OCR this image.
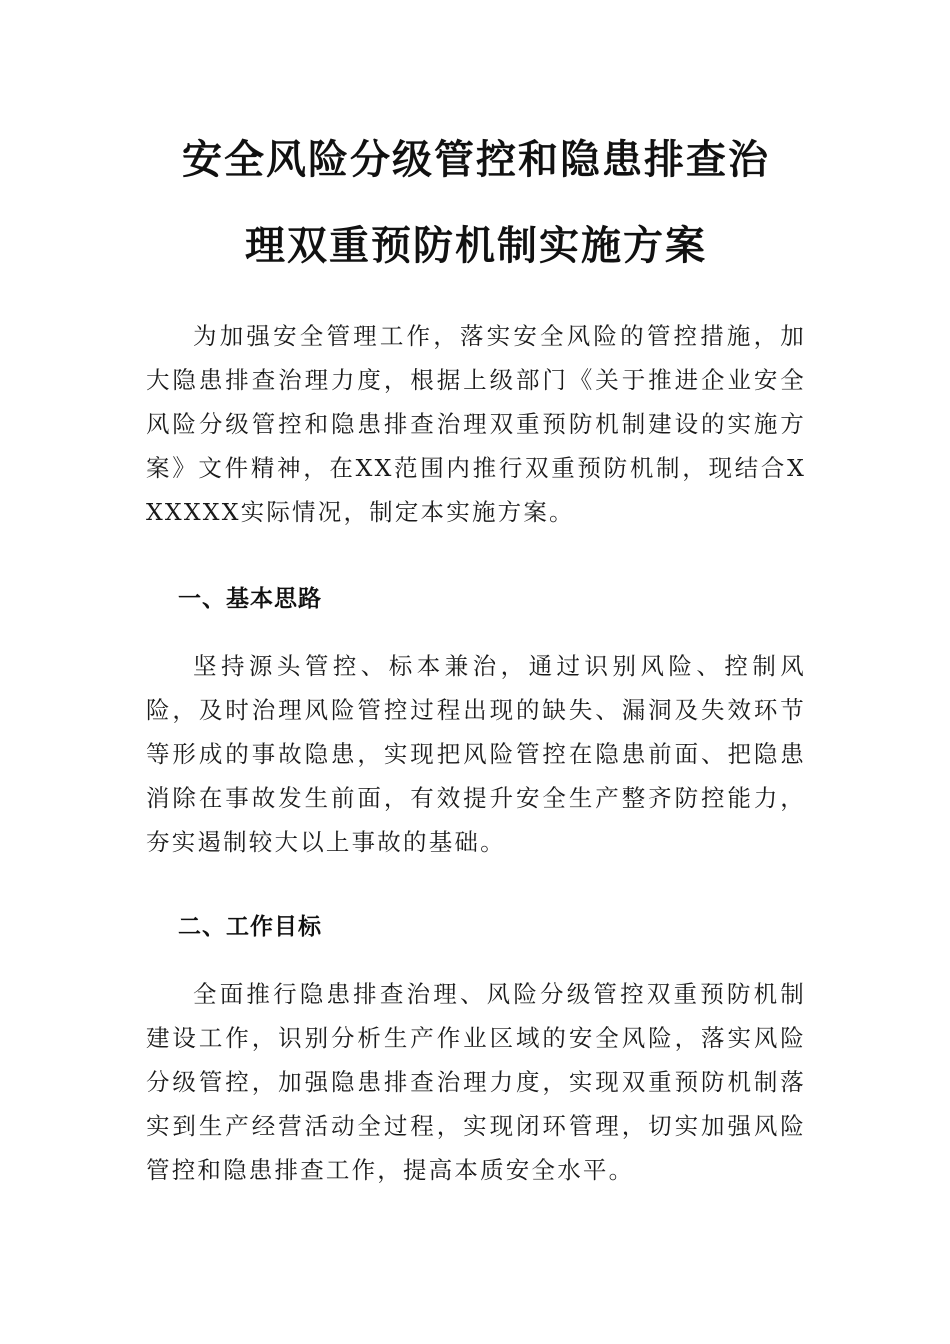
安全风险分级管控和隐患排查治
理双重预防机制实施方案

为加强安全管理工作，落实安全风险的管控措施，加大隐患排查治理力度，根据上级部门《关于推进企业安全风险分级管控和隐患排查治理双重预防机制建设的实施方案》文件精神，在XX范围内推行双重预防机制，现结合XXXXXX实际情况，制定本实施方案。

一、基本思路

坚持源头管控、标本兼治，通过识别风险、控制风险，及时治理风险管控过程出现的缺失、漏洞及失效环节等形成的事故隐患，实现把风险管控在隐患前面、把隐患消除在事故发生前面，有效提升安全生产整齐防控能力，夯实遏制较大以上事故的基础。

二、工作目标

全面推行隐患排查治理、风险分级管控双重预防机制建设工作，识别分析生产作业区域的安全风险，落实风险分级管控，加强隐患排查治理力度，实现双重预防机制落实到生产经营活动全过程，实现闭环管理，切实加强风险管控和隐患排查工作，提高本质安全水平。
